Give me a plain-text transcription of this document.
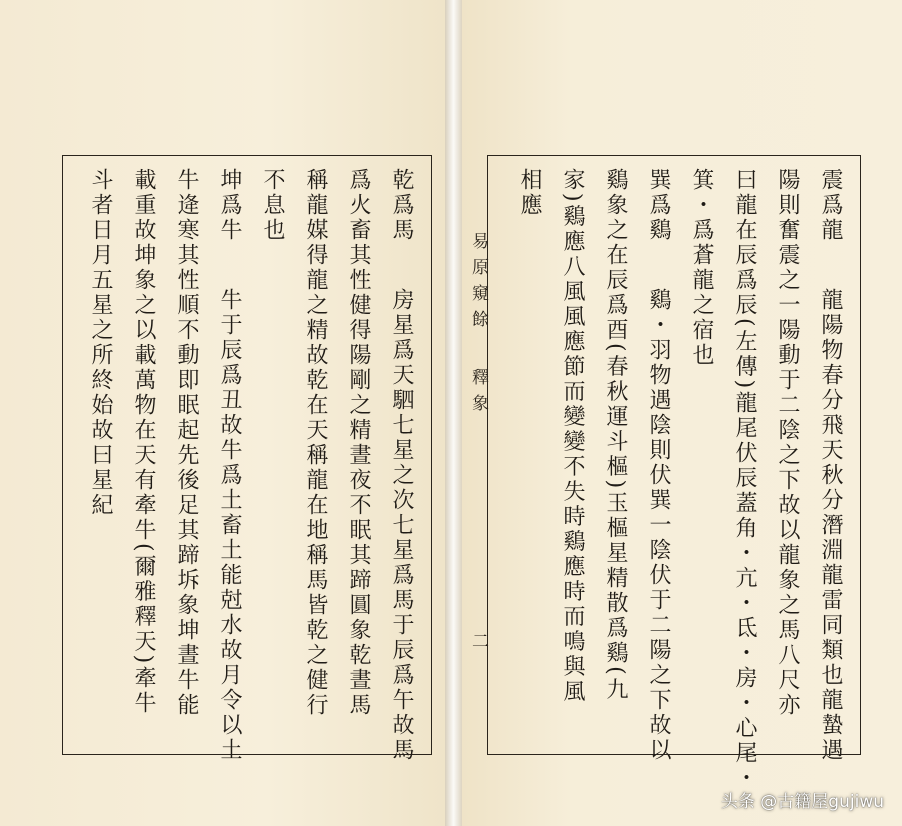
乾爲馬
房星爲天駟七星之次七星爲馬于辰爲午故馬
爲火畜其性健得陽剛之精晝夜不眠其蹄圓象乾晝馬
稱龍媒得龍之精故乾在天稱龍在地稱馬皆乾之健行
不息也
坤爲牛
牛于辰爲丑故牛爲土畜土能尅水故月令以土
牛逄寒其性順不動即眠起先後足其蹄坼象坤晝牛能
載重故坤象之以載萬物在天有牽牛(爾雅釋天)牽牛
斗者日月五星之所終始故曰星紀	易原窺餘
釋象
二
震爲龍
龍陽物春分飛天秋分潛淵龍雷同類也龍蟄遇
陽則奮震之一陽動于二陰之下故以龍象之馬八尺亦
曰龍在辰爲辰(左傳)龍尾伏辰蓋角・亢・氐・房・心尾・
箕・爲蒼龍之宿也
巽爲鷄
鷄・羽物遇陰則伏巽一陰伏于二陽之下故以
鷄象之在辰爲酉(春秋運斗樞)玉樞星精散爲鷄(九
家)鷄應八風風應節而變變不失時鷄應時而鳴與風
相應
头条 @古籍屋gujiwu
